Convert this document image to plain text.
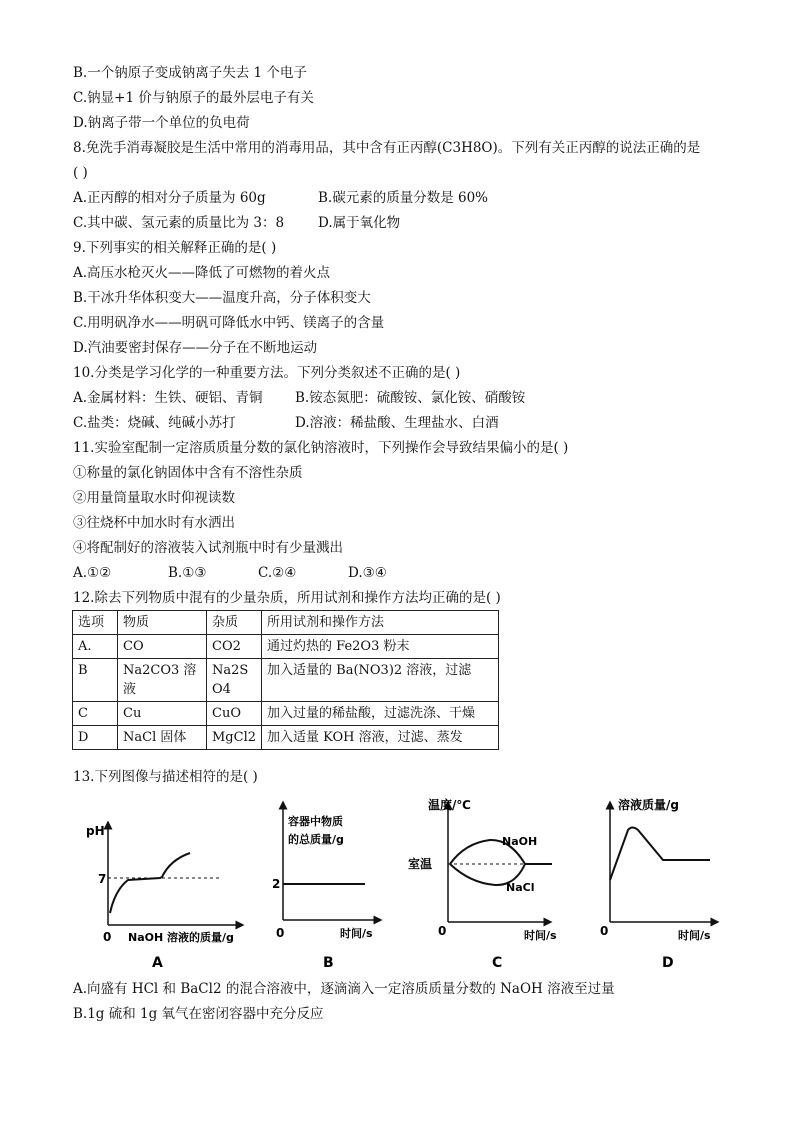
B.一个钠原子变成钠离子失去 1 个电子
C.钠显+1 价与钠原子的最外层电子有关
D.钠离子带一个单位的负电荷
8.免洗手消毒凝胶是生活中常用的消毒用品，其中含有正丙醇(C3H8O)。下列有关正丙醇的说法正确的是
( )
A.正丙醇的相对分子质量为 60g	B.碳元素的质量分数是 60%
C.其中碳、氢元素的质量比为 3：8	D.属于氧化物
9.下列事实的相关解释正确的是( )
A.高压水枪灭火——降低了可燃物的着火点
B.干冰升华体积变大——温度升高，分子体积变大
C.用明矾净水——明矾可降低水中钙、镁离子的含量
D.汽油要密封保存——分子在不断地运动
10.分类是学习化学的一种重要方法。下列分类叙述不正确的是( )
A.金属材料：生铁、硬铝、青铜 B.铵态氮肥：硫酸铵、氯化铵、硝酸铵
C.盐类：烧碱、纯碱小苏打	D.溶液：稀盐酸、生理盐水、白酒
11.实验室配制一定溶质质量分数的氯化钠溶液时，下列操作会导致结果偏小的是( )
①称量的氯化钠固体中含有不溶性杂质
②用量筒量取水时仰视读数
③往烧杯中加水时有水洒出
④将配制好的溶液装入试剂瓶中时有少量溅出
A.①②	B.①③	C.②④	D.③④
12.除去下列物质中混有的少量杂质，所用试剂和操作方法均正确的是( )
选项	物质	杂质	所用试剂和操作方法
A.	CO	CO2	通过灼热的 Fe2O3 粉末
B	Na2CO3 溶液	Na2SO4	加入适量的 Ba(NO3)2 溶液，过滤
C	Cu	CuO	加入过量的稀盐酸，过滤洗涤、干燥
D	NaCl 固体	MgCl2	加入适量 KOH 溶液，过滤、蒸发
13.下列图像与描述相符的是( )
pH
7
0 NaOH 溶液的质量/g
A
容器中物质
的总质量/g
2
0	时间/s
B
温度/℃
室温
NaOH
NaCl
0	时间/s
C
溶液质量/g
0	时间/s
D
A.向盛有 HCl 和 BaCl2 的混合溶液中，逐滴滴入一定溶质质量分数的 NaOH 溶液至过量
B.1g 硫和 1g 氧气在密闭容器中充分反应
